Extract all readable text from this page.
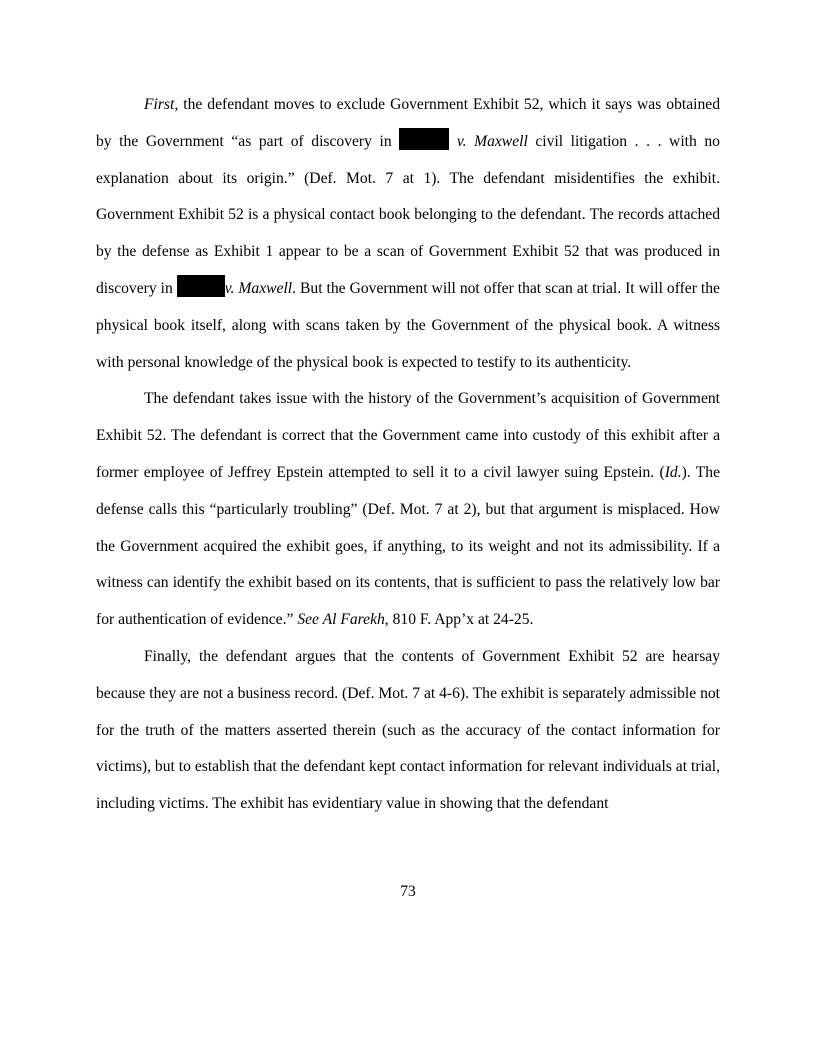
First, the defendant moves to exclude Government Exhibit 52, which it says was obtained by the Government “as part of discovery in	v. Maxwell civil litigation . . . with no explanation about its origin.” (Def. Mot. 7 at 1). The defendant misidentifies the exhibit. Government Exhibit 52 is a physical contact book belonging to the defendant. The records attached by the defense as Exhibit 1 appear to be a scan of Government Exhibit 52 that was produced in discovery in	v. Maxwell. But the Government will not offer that scan at trial. It will offer the physical book itself, along with scans taken by the Government of the physical book. A witness with personal knowledge of the physical book is expected to testify to its authenticity.

The defendant takes issue with the history of the Government’s acquisition of Government Exhibit 52. The defendant is correct that the Government came into custody of this exhibit after a former employee of Jeffrey Epstein attempted to sell it to a civil lawyer suing Epstein. (Id.). The defense calls this “particularly troubling” (Def. Mot. 7 at 2), but that argument is misplaced. How the Government acquired the exhibit goes, if anything, to its weight and not its admissibility. If a witness can identify the exhibit based on its contents, that is sufficient to pass the relatively low bar for authentication of evidence.” See Al Farekh, 810 F. App’x at 24-25.

Finally, the defendant argues that the contents of Government Exhibit 52 are hearsay because they are not a business record. (Def. Mot. 7 at 4-6). The exhibit is separately admissible not for the truth of the matters asserted therein (such as the accuracy of the contact information for victims), but to establish that the defendant kept contact information for relevant individuals at trial, including victims. The exhibit has evidentiary value in showing that the defendant

73
